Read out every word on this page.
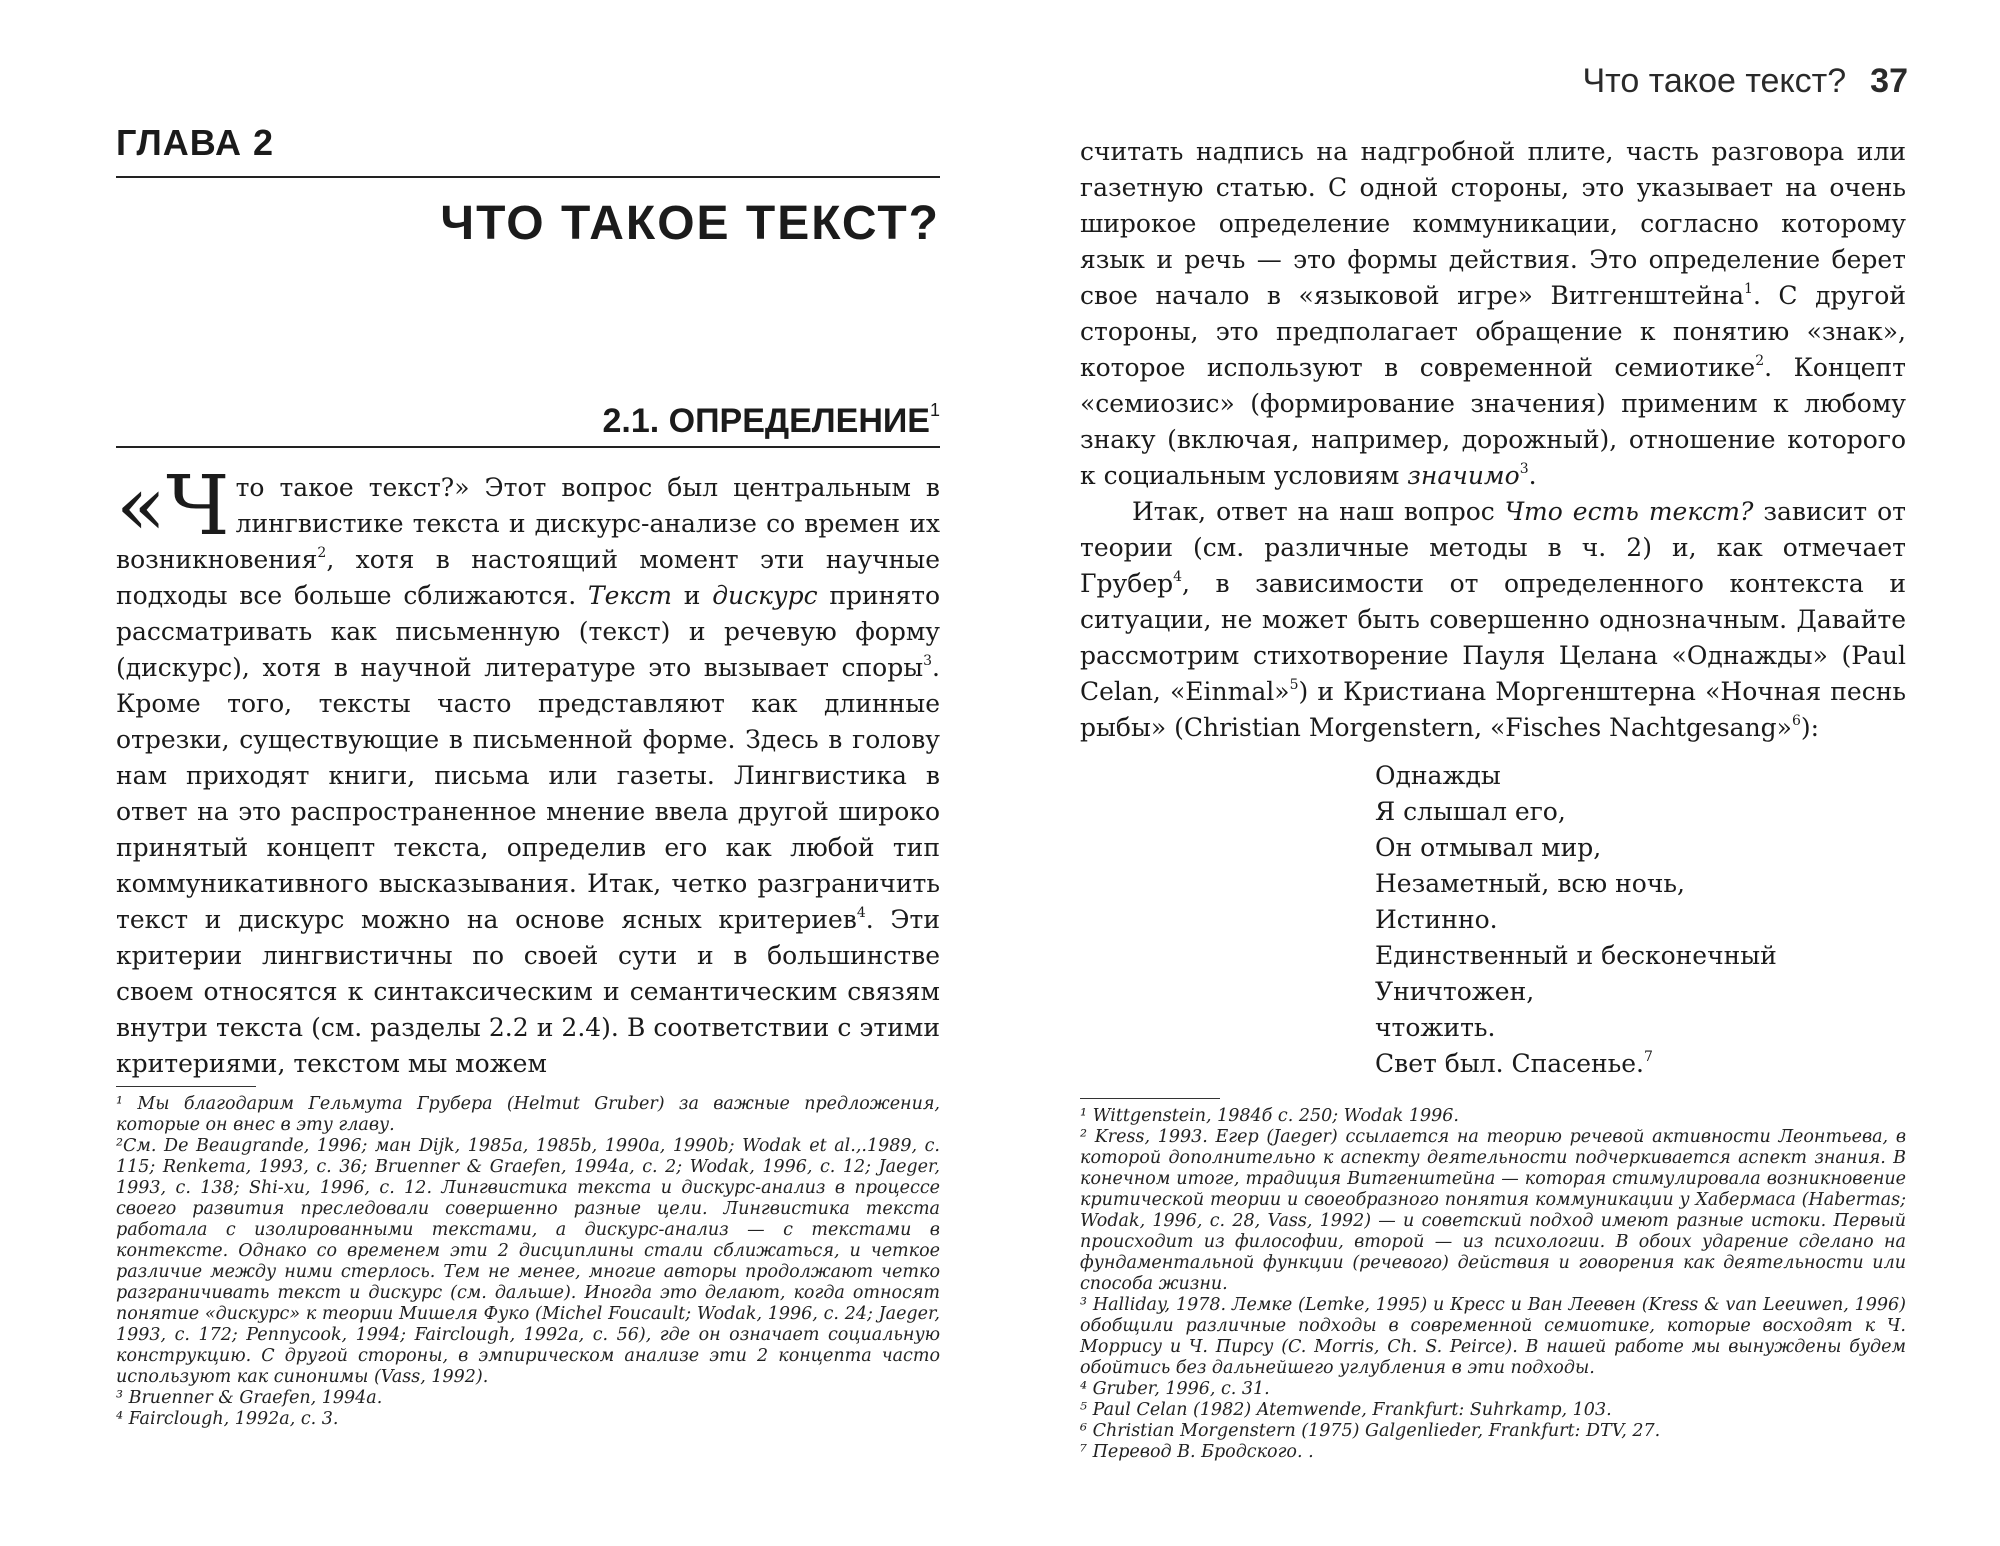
ГЛАВА 2
ЧТО ТАКОЕ ТЕКСТ?
2.1. ОПРЕДЕЛЕНИЕ$^1$

«Что такое текст?» Этот вопрос был центральным в лингвистике текста и дискурс-анализе со времен их возникновения$^2$, хотя в настоящий момент эти научные подходы все больше сближаются. Текст и дискурс принято рассматривать как письменную (текст) и речевую форму (дискурс), хотя в научной литературе это вызывает споры$^3$. Кроме того, тексты часто представляют как длинные отрезки, существующие в письменной форме. Здесь в голову нам приходят книги, письма или газеты. Лингвистика в ответ на это распространенное мнение ввела другой широко принятый концепт текста, определив его как любой тип коммуникативного высказывания. Итак, четко разграничить текст и дискурс можно на основе ясных критериев$^4$. Эти критерии лингвистичны по своей сути и в большинстве своем относятся к синтаксическим и семантическим связям внутри текста (см. разделы 2.2 и 2.4). В соответствии с этими критериями, текстом мы можем

¹ Мы благодарим Гельмута Грубера (Helmut Gruber) за важные предложения, которые он внес в эту главу.

²См. De Beaugrande, 1996; ман Dijk, 1985a, 1985b, 1990a, 1990b; Wodak et al.,.1989, с. 115; Renkema, 1993, с. 36; Bruenner & Graefen, 1994a, с. 2; Wodak, 1996, с. 12; Jaeger, 1993, с. 138; Shi-xu, 1996, с. 12. Лингвистика текста и дискурс-анализ в процессе своего развития преследовали совершенно разные цели. Лингвистика текста работала с изолированными текстами, а дискурс-анализ — с текстами в контексте. Однако со временем эти 2 дисциплины стали сближаться, и четкое различие между ними стерлось. Тем не менее, многие авторы продолжают четко разграничивать текст и дискурс (см. дальше). Иногда это делают, когда относят понятие «дискурс» к теории Мишеля Фуко (Michel Foucault; Wodak, 1996, с. 24; Jaeger, 1993, с. 172; Pennycook, 1994; Fairclough, 1992a, с. 56), где он означает социальную конструкцию. С другой стороны, в эмпирическом анализе эти 2 концепта часто используют как синонимы (Vass, 1992).

³ Bruenner & Graefen, 1994a.

⁴ Fairclough, 1992a, с. 3.

Что такое текст? 37

считать надпись на надгробной плите, часть разговора или газетную статью. С одной стороны, это указывает на очень широкое определение коммуникации, согласно которому язык и речь — это формы действия. Это определение берет свое начало в «языковой игре» Витгенштейна$^1$. С другой стороны, это предполагает обращение к понятию «знак», которое используют в современной семиотике$^2$. Концепт «семиозис» (формирование значения) применим к любому знаку (включая, например, дорожный), отношение которого к социальным условиям значимо$^3$.

Итак, ответ на наш вопрос Что есть текст? зависит от теории (см. различные методы в ч. 2) и, как отмечает Грубер$^4$, в зависимости от определенного контекста и ситуации, не может быть совершенно однозначным. Давайте рассмотрим стихотворение Пауля Целана «Однажды» (Paul Celan, «Einmal»$^5$) и Кристиана Моргенштерна «Ночная песнь рыбы» (Christian Morgenstern, «Fisches Nachtgesang»$^6$):

Однажды
Я слышал его,
Он отмывал мир,
Незаметный, всю ночь,
Истинно.
Единственный и бесконечный
Уничтожен,
чтожить.
Свет был. Спасенье.$^7$

¹ Wittgenstein, 1984б с. 250; Wodak 1996.

² Kress, 1993. Егер (Jaeger) ссылается на теорию речевой активности Леонтьева, в которой дополнительно к аспекту деятельности подчеркивается аспект знания. В конечном итоге, традиция Витгенштейна — которая стимулировала возникновение критической теории и своеобразного понятия коммуникации у Хабермаса (Habermas; Wodak, 1996, с. 28, Vass, 1992) — и советский подход имеют разные истоки. Первый происходит из философии, второй — из психологии. В обоих ударение сделано на фундаментальной функции (речевого) действия и говорения как деятельности или способа жизни.

³ Halliday, 1978. Лемке (Lemke, 1995) и Кресс и Ван Леевен (Kress & van Leeuwen, 1996) обобщили различные подходы в современной семиотике, которые восходят к Ч. Моррису и Ч. Пирсу (C. Morris, Ch. S. Peirce). В нашей работе мы вынуждены будем обойтись без дальнейшего углубления в эти подходы.

⁴ Gruber, 1996, с. 31.

⁵ Paul Celan (1982) Atemwende, Frankfurt: Suhrkamp, 103.

⁶ Christian Morgenstern (1975) Galgenlieder, Frankfurt: DTV, 27.

⁷ Перевод В. Бродского. .
